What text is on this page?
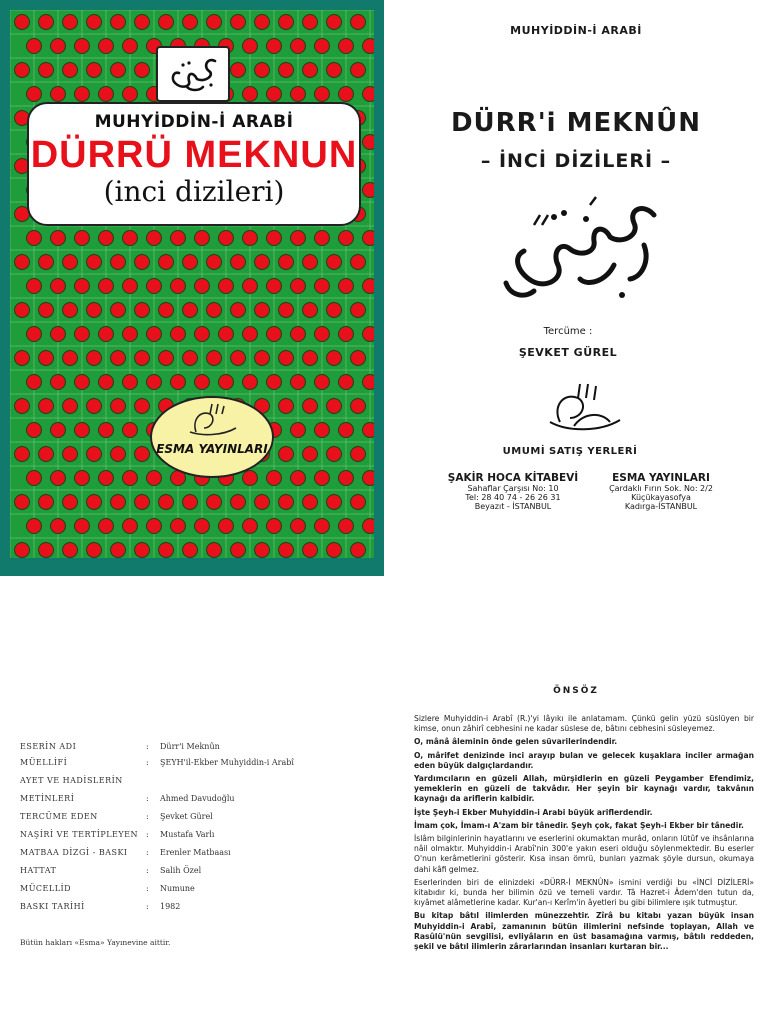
MUHYİDDİN-İ ARABİ
DÜRRÜ MEKNUN
(inci dizileri)
ESMA YAYINLARI
MUHYİDDİN-İ ARABİ
DÜRR'i MEKNÛN
– İNCİ DİZİLERİ –
Tercüme :
ŞEVKET GÜREL
UMUMİ SATIŞ YERLERİ
ŞAKİR HOCA KİTABEVİ
Sahaflar Çarşısı No: 10
Tel: 28 40 74 - 26 26 31
Beyazıt - İSTANBUL
ESMA YAYINLARI
Çardaklı Fırın Sok. No: 2/2
Küçükayasofya
Kadırga-İSTANBUL
ESERİN ADI	: Dürr'i Meknûn
MÜELLİFİ	: ŞEYH'il-Ekber Muhyiddin-i Arabî
AYET VE HADİSLERİN
METİNLERİ	: Ahmed Davudoğlu
TERCÜME EDEN	: Şevket Gürel
NAŞİRİ VE TERTİPLEYEN : Mustafa Varlı
MATBAA DİZGİ - BASKI : Erenler Matbaası
HATTAT	: Salih Özel
MÜCELLİD	: Numune
BASKI TARİHİ	: 1982
Bütün hakları «Esma» Yayınevine aittir.
ÖNSÖZ

Sizlere Muhyiddin-i Arabî (R.)'yi lâyıkı ile anlatamam. Çünkü gelin yüzü süslüyen bir kimse, onun zâhirî cebhesini ne kadar süslese de, bâtını cebhesini süsleyemez.

O, mânâ âleminin önde gelen süvarilerindendir.

O, mârifet denizinde inci arayıp bulan ve gelecek kuşaklara inciler armağan eden büyük dalgıçlardandır.

Yardımcıların en güzeli Allah, mürşidlerin en güzeli Peygamber Efendimiz, yemeklerin en güzeli de takvâdır. Her şeyin bir kaynağı vardır, takvânın kaynağı da ariflerin kalbidir.

İşte Şeyh-i Ekber Muhyiddin-i Arabi büyük ariflerdendir.

İmam çok, İmam-ı A'zam bir tânedir. Şeyh çok, fakat Şeyh-i Ekber bir tânedir.

İslâm bilginlerinin hayatlarını ve eserlerini okumaktan murâd, onların lütûf ve ihsânlarına nâil olmaktır. Muhyiddin-i Arabî'nin 300'e yakın eseri olduğu söylenmektedir. Bu eserler O'nun kerâmetlerini gösterir. Kısa insan ömrü, bunları yazmak şöyle dursun, okumaya dahi kâfi gelmez.

Eserlerinden biri de elinizdeki «DÜRR-İ MEKNÛN» ismini verdiği bu «İNCİ DİZİLERİ» kitabıdır ki, bunda her bilimin özü ve temeli vardır. Tâ Hazret-i Âdem'den tutun da, kıyâmet alâmetlerine kadar. Kur'an-ı Kerîm'in âyetleri bu gibi bilimlere ışık tutmuştur.

Bu kitap bâtıl ilimlerden münezzehtir. Zîrâ bu kitabı yazan büyük insan Muhyiddin-i Arabî, zamanının bütün ilimlerini nefsinde toplayan, Allah ve Rasûlü'nün sevgilisi, evliyâların en üst basamağına varmış, bâtılı reddeden, şekil ve bâtıl ilimlerin zârarlarından insanları kurtaran bir...
